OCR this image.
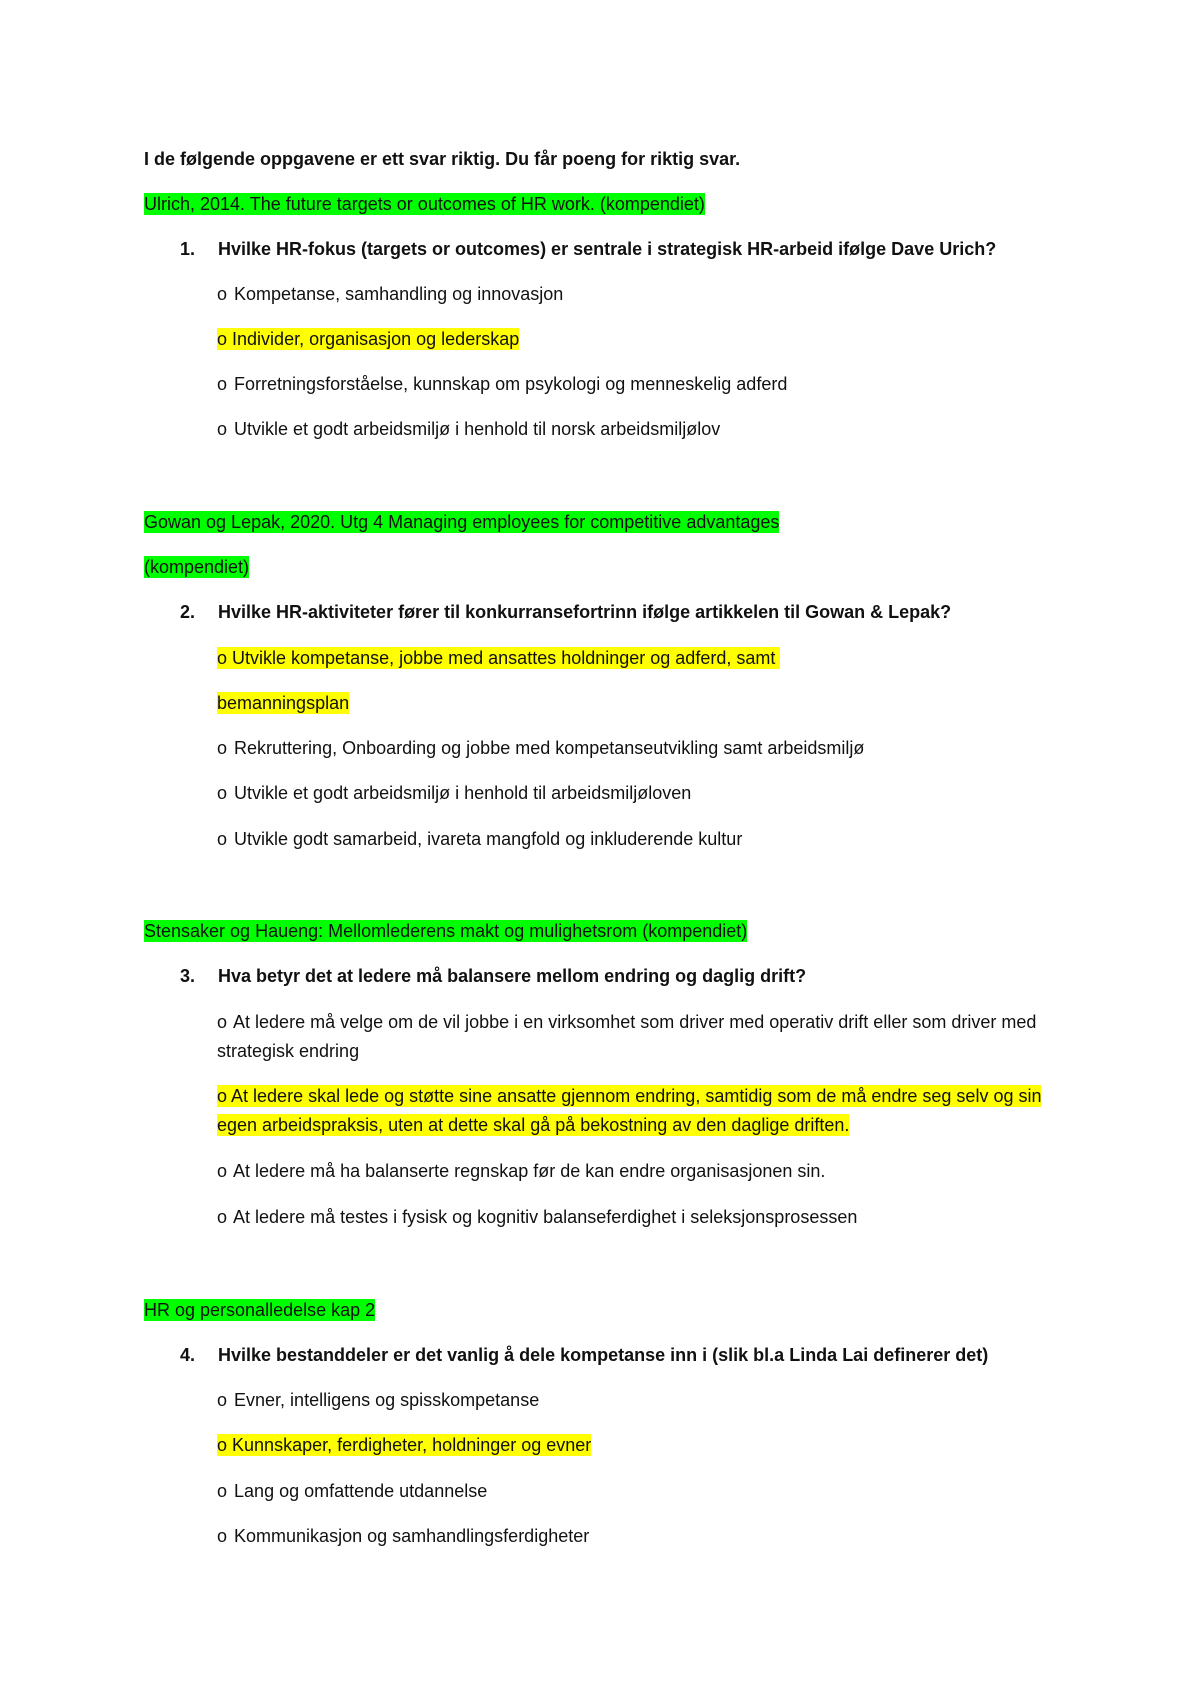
I de følgende oppgavene er ett svar riktig. Du får poeng for riktig svar.
Ulrich, 2014. The future targets or outcomes of HR work. (kompendiet)
1. Hvilke HR-fokus (targets or outcomes) er sentrale i strategisk HR-arbeid ifølge Dave Urich?
o Kompetanse, samhandling og innovasjon
o Individer, organisasjon og lederskap
o Forretningsforståelse, kunnskap om psykologi og menneskelig adferd
o Utvikle et godt arbeidsmiljø i henhold til norsk arbeidsmiljølov
Gowan og Lepak, 2020. Utg 4 Managing employees for competitive advantages
(kompendiet)
2. Hvilke HR-aktiviteter fører til konkurransefortrinn ifølge artikkelen til Gowan & Lepak?
o Utvikle kompetanse, jobbe med ansattes holdninger og adferd, samt
bemanningsplan
o Rekruttering, Onboarding og jobbe med kompetanseutvikling samt arbeidsmiljø
o Utvikle et godt arbeidsmiljø i henhold til arbeidsmiljøloven
o Utvikle godt samarbeid, ivareta mangfold og inkluderende kultur
Stensaker og Haueng: Mellomlederens makt og mulighetsrom (kompendiet)
3. Hva betyr det at ledere må balansere mellom endring og daglig drift?
o At ledere må velge om de vil jobbe i en virksomhet som driver med operativ drift eller som driver med strategisk endring
o At ledere skal lede og støtte sine ansatte gjennom endring, samtidig som de må endre seg selv og sin egen arbeidspraksis, uten at dette skal gå på bekostning av den daglige driften.
o At ledere må ha balanserte regnskap før de kan endre organisasjonen sin.
o At ledere må testes i fysisk og kognitiv balanseferdighet i seleksjonsprosessen
HR og personalledelse kap 2
4. Hvilke bestanddeler er det vanlig å dele kompetanse inn i (slik bl.a Linda Lai definerer det)
o Evner, intelligens og spisskompetanse
o Kunnskaper, ferdigheter, holdninger og evner
o Lang og omfattende utdannelse
o Kommunikasjon og samhandlingsferdigheter
